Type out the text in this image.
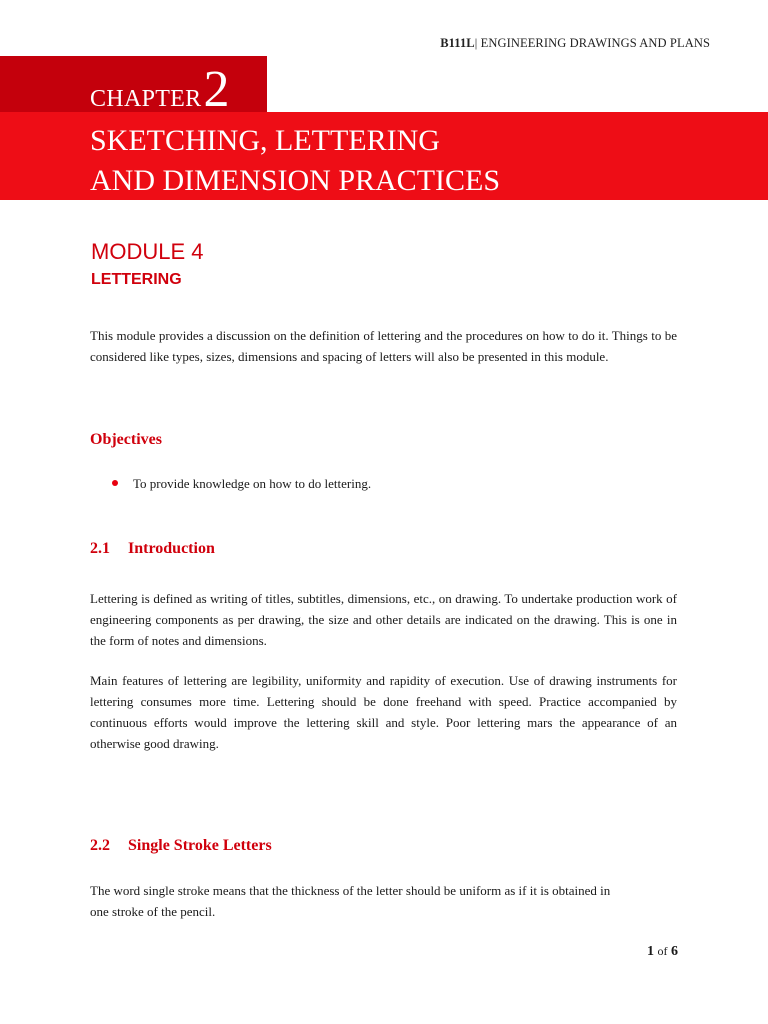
B111L| ENGINEERING DRAWINGS AND PLANS
CHAPTER2
SKETCHING, LETTERING
AND DIMENSION PRACTICES
MODULE 4
LETTERING
This module provides a discussion on the definition of lettering and the procedures on how to do it. Things to be considered like types, sizes, dimensions and spacing of letters will also be presented in this module.
Objectives
To provide knowledge on how to do lettering.
2.1 Introduction
Lettering is defined as writing of titles, subtitles, dimensions, etc., on drawing. To undertake production work of engineering components as per drawing, the size and other details are indicated on the drawing. This is one in the form of notes and dimensions.
Main features of lettering are legibility, uniformity and rapidity of execution. Use of drawing instruments for lettering consumes more time. Lettering should be done freehand with speed. Practice accompanied by continuous efforts would improve the lettering skill and style. Poor lettering mars the appearance of an otherwise good drawing.
2.2 Single Stroke Letters
The word single stroke means that the thickness of the letter should be uniform as if it is obtained in one stroke of the pencil.
1 of 6
